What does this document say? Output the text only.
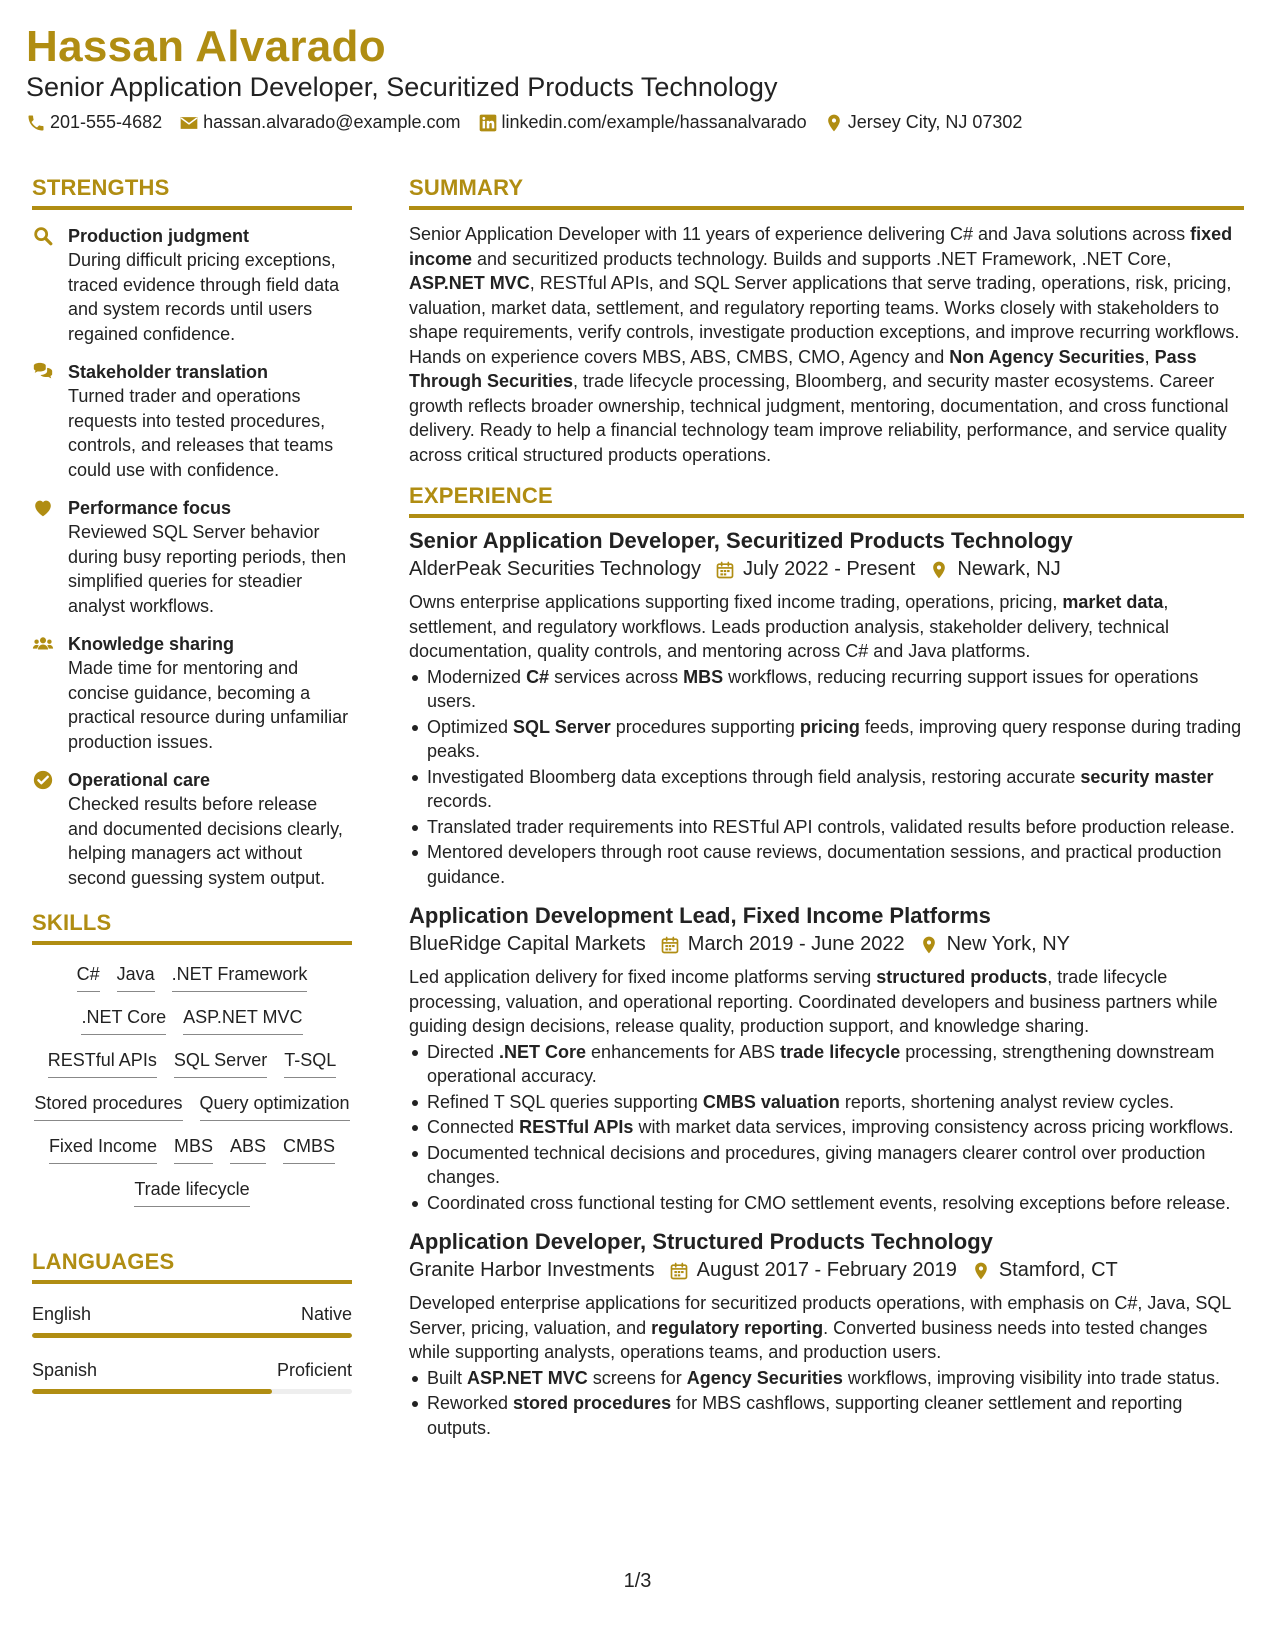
Hassan Alvarado
Senior Application Developer, Securitized Products Technology
201-555-4682 hassan.alvarado@example.com linkedin.com/example/hassanalvarado Jersey City, NJ 07302
STRENGTHS
Production judgment
During difficult pricing exceptions, traced evidence through field data and system records until users regained confidence.
Stakeholder translation
Turned trader and operations requests into tested procedures, controls, and releases that teams could use with confidence.
Performance focus
Reviewed SQL Server behavior during busy reporting periods, then simplified queries for steadier analyst workflows.
Knowledge sharing
Made time for mentoring and concise guidance, becoming a practical resource during unfamiliar production issues.
Operational care
Checked results before release and documented decisions clearly, helping managers act without second guessing system output.
SKILLS
C# Java .NET Framework
.NET Core ASP.NET MVC
RESTful APIs SQL Server T-SQL
Stored procedures Query optimization
Fixed Income MBS ABS CMBS
Trade lifecycle
LANGUAGES
English	Native
Spanish	Proficient
SUMMARY

Senior Application Developer with 11 years of experience delivering C# and Java solutions across fixed income and securitized products technology. Builds and supports .NET Framework, .NET Core, ASP.NET MVC, RESTful APIs, and SQL Server applications that serve trading, operations, risk, pricing, valuation, market data, settlement, and regulatory reporting teams. Works closely with stakeholders to shape requirements, verify controls, investigate production exceptions, and improve recurring workflows. Hands on experience covers MBS, ABS, CMBS, CMO, Agency and Non Agency Securities, Pass Through Securities, trade lifecycle processing, Bloomberg, and security master ecosystems. Career growth reflects broader ownership, technical judgment, mentoring, documentation, and cross functional delivery. Ready to help a financial technology team improve reliability, performance, and service quality across critical structured products operations.

EXPERIENCE
Senior Application Developer, Securitized Products Technology
AlderPeak Securities Technology July 2022 - Present Newark, NJ

Owns enterprise applications supporting fixed income trading, operations, pricing, market data, settlement, and regulatory workflows. Leads production analysis, stakeholder delivery, technical documentation, quality controls, and mentoring across C# and Java platforms.

Modernized C# services across MBS workflows, reducing recurring support issues for operations users.
Optimized SQL Server procedures supporting pricing feeds, improving query response during trading peaks.
Investigated Bloomberg data exceptions through field analysis, restoring accurate security master records.
Translated trader requirements into RESTful API controls, validated results before production release.
Mentored developers through root cause reviews, documentation sessions, and practical production guidance.
Application Development Lead, Fixed Income Platforms
BlueRidge Capital Markets March 2019 - June 2022 New York, NY

Led application delivery for fixed income platforms serving structured products, trade lifecycle processing, valuation, and operational reporting. Coordinated developers and business partners while guiding design decisions, release quality, production support, and knowledge sharing.

Directed .NET Core enhancements for ABS trade lifecycle processing, strengthening downstream operational accuracy.
Refined T SQL queries supporting CMBS valuation reports, shortening analyst review cycles.
Connected RESTful APIs with market data services, improving consistency across pricing workflows.
Documented technical decisions and procedures, giving managers clearer control over production changes.
Coordinated cross functional testing for CMO settlement events, resolving exceptions before release.
Application Developer, Structured Products Technology
Granite Harbor Investments August 2017 - February 2019 Stamford, CT

Developed enterprise applications for securitized products operations, with emphasis on C#, Java, SQL Server, pricing, valuation, and regulatory reporting. Converted business needs into tested changes while supporting analysts, operations teams, and production users.

Built ASP.NET MVC screens for Agency Securities workflows, improving visibility into trade status.
Reworked stored procedures for MBS cashflows, supporting cleaner settlement and reporting outputs.
1/3
